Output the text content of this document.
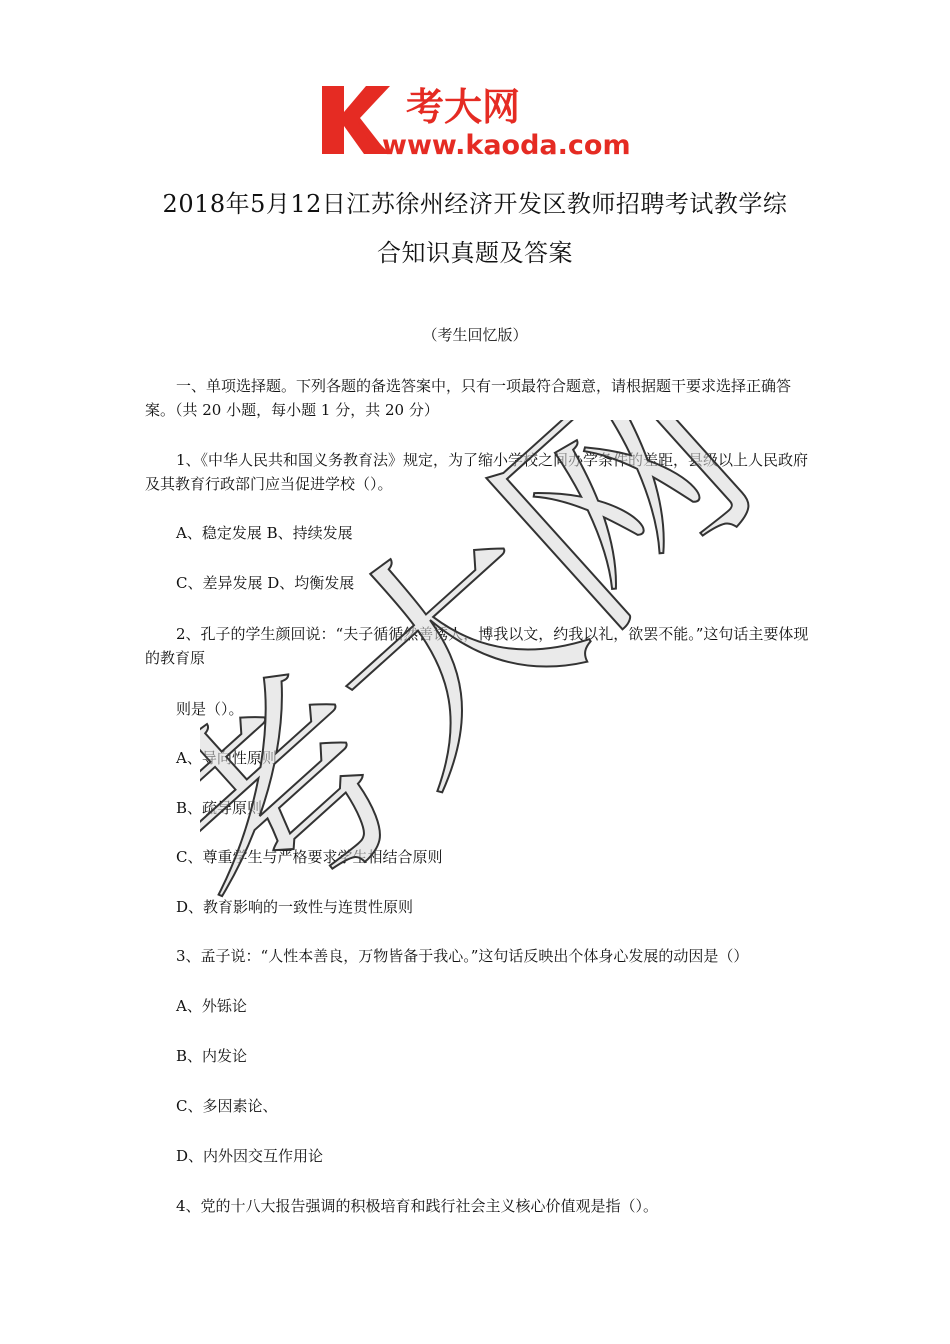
考大网
www.kaoda.com
2018年5月12日江苏徐州经济开发区教师招聘考试教学综
合知识真题及答案
（考生回忆版）
一、单项选择题。下列各题的备选答案中，只有一项最符合题意，请根据题干要求选择正确答案。（共 20 小题，每小题 1 分，共 20 分）
1、《中华人民共和国义务教育法》规定，为了缩小学校之间办学条件的差距，县级以上人民政府及其教育行政部门应当促进学校（）。
A、稳定发展 B、持续发展
C、差异发展 D、均衡发展
2、孔子的学生颜回说：“夫子循循然善诱人，博我以文，约我以礼，欲罢不能。”这句话主要体现的教育原
则是（）。
A、导向性原则
B、疏导原则
C、尊重学生与严格要求学生相结合原则
D、教育影响的一致性与连贯性原则
3、孟子说：“人性本善良，万物皆备于我心。”这句话反映出个体身心发展的动因是（）
A、外铄论
B、内发论
C、多因素论、
D、内外因交互作用论
4、党的十八大报告强调的积极培育和践行社会主义核心价值观是指（）。
考大网
